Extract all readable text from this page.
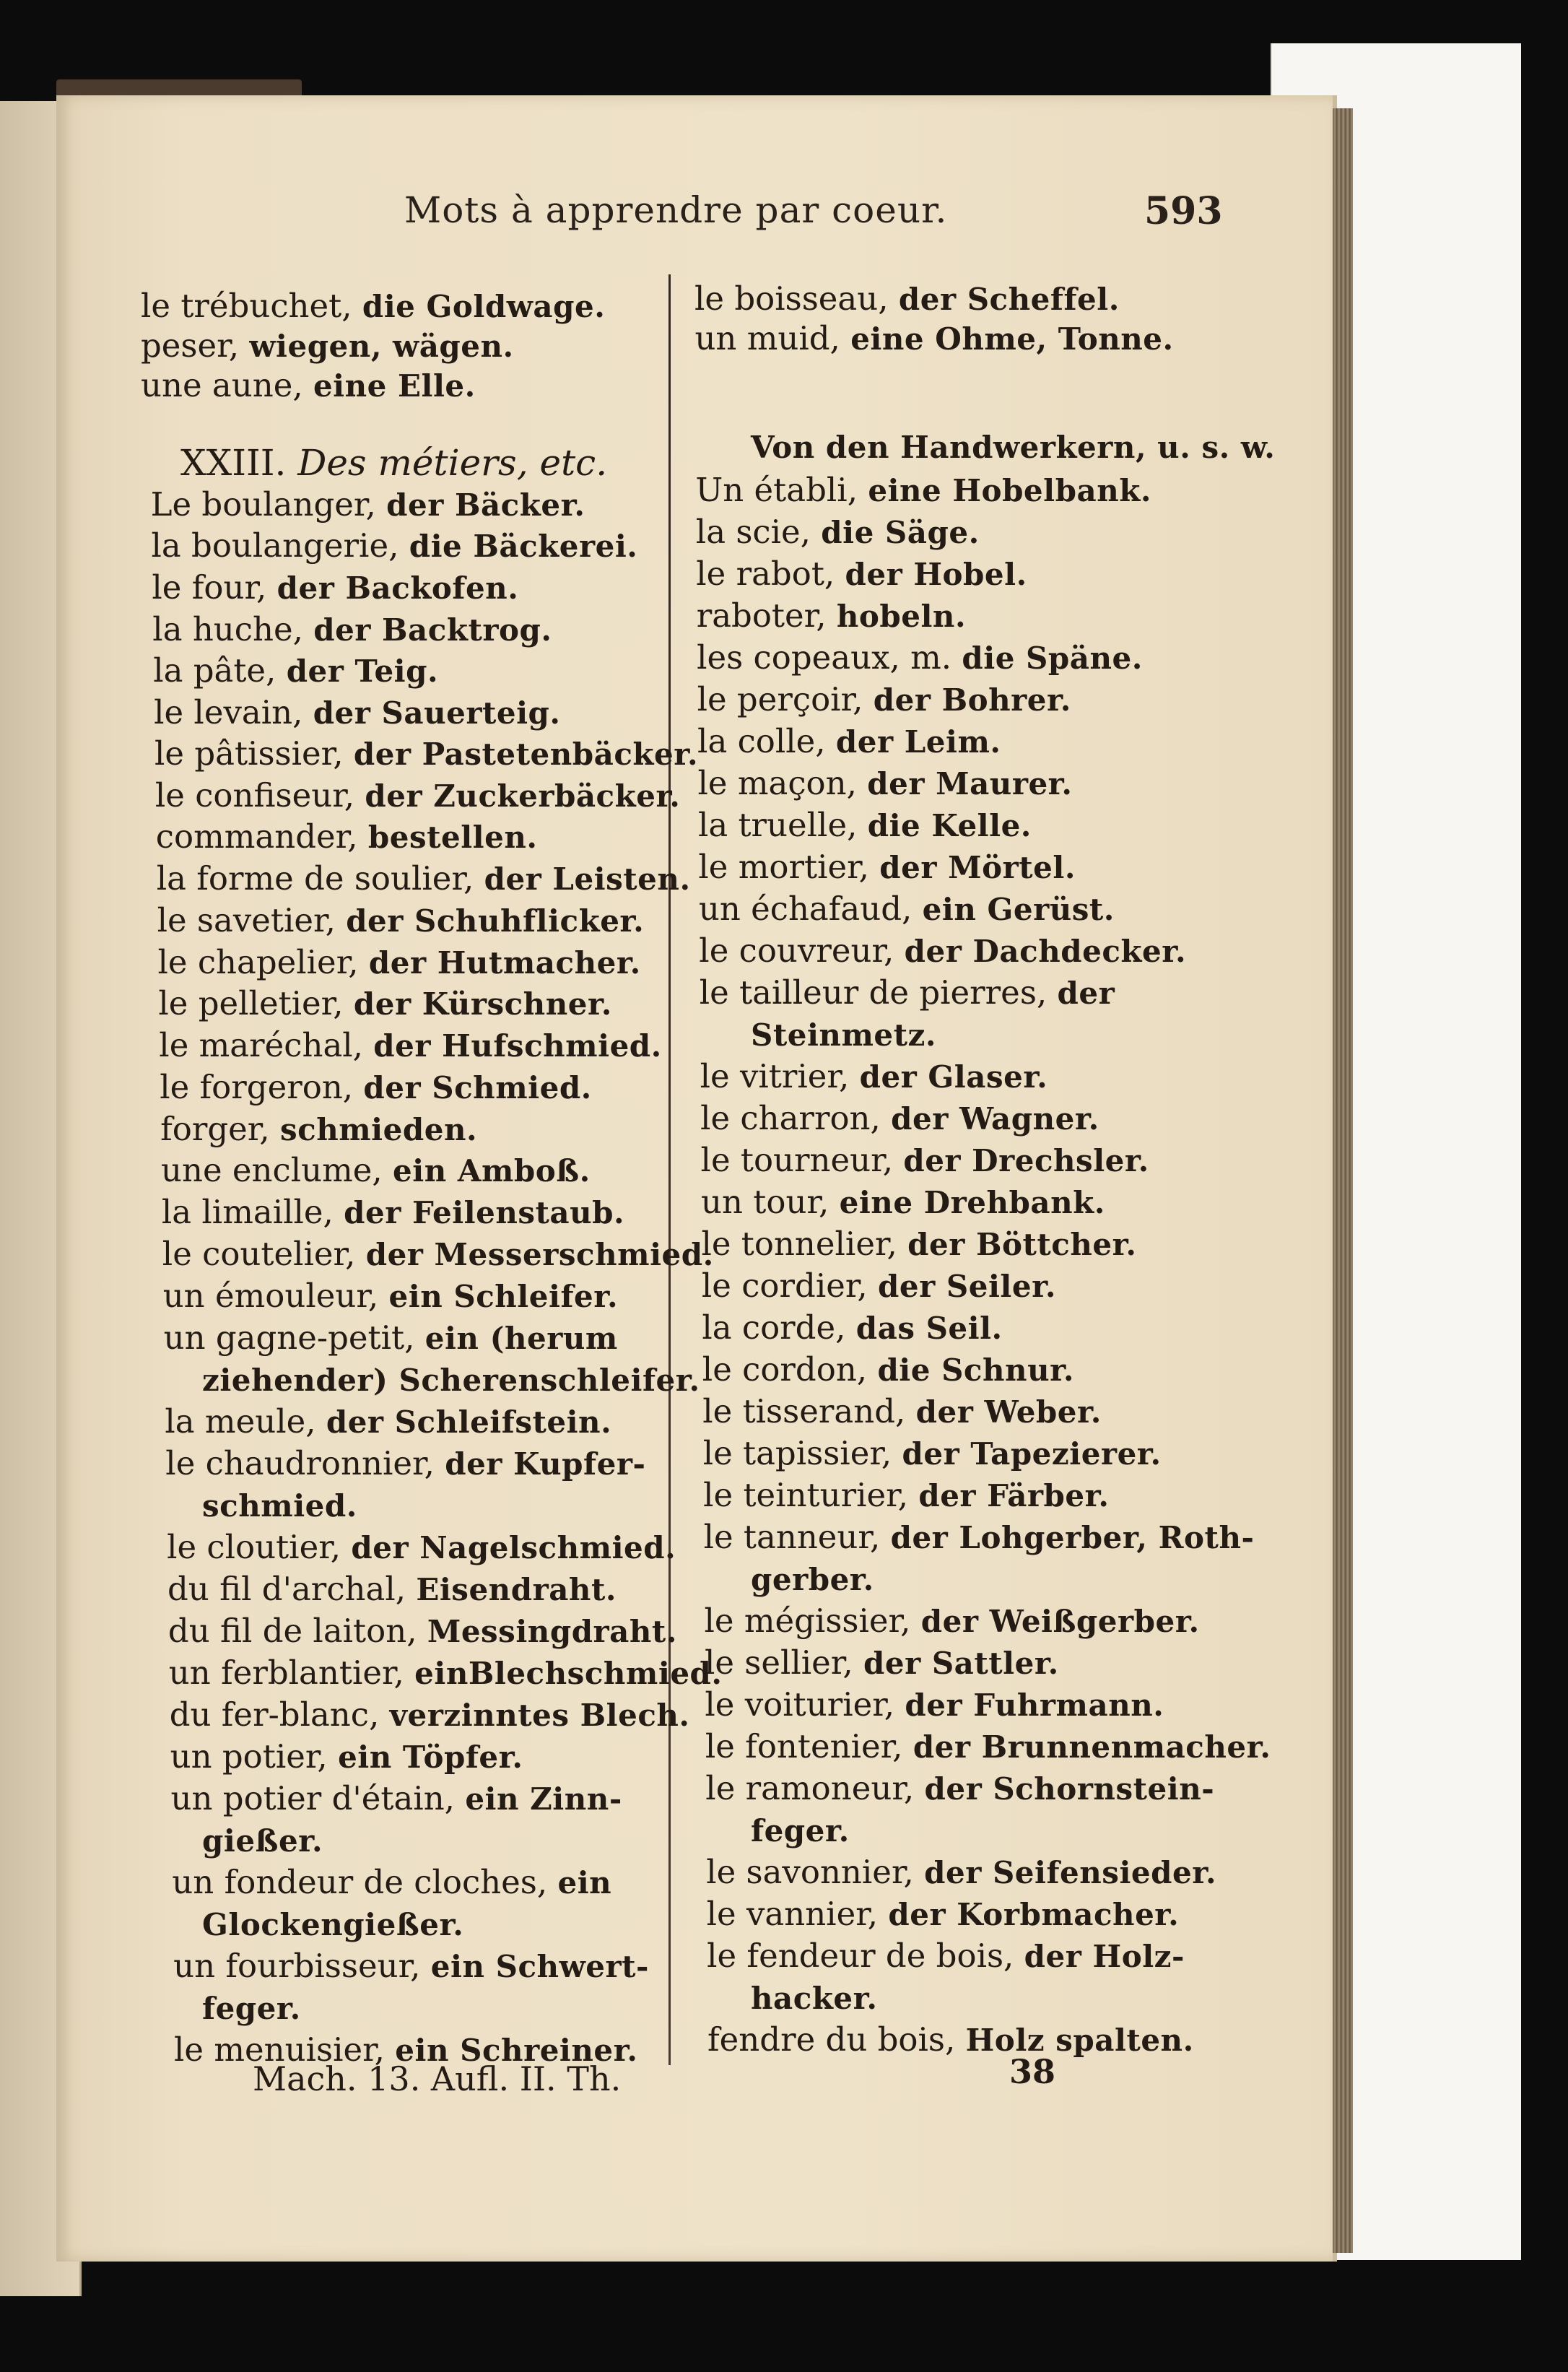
Mots à apprendre par coeur.	593
le trébuchet, die Goldwage.
peser, wiegen, wägen.
une aune, eine Elle.
XXIII. Des métiers, etc.
Le boulanger, der Bäcker.
la boulangerie, die Bäckerei.
le four, der Backofen.
la huche, der Backtrog.
la pâte, der Teig.
le levain, der Sauerteig.
le pâtissier, der Pastetenbäcker.
le confiseur, der Zuckerbäcker.
commander, bestellen.
la forme de soulier, der Leisten.
le savetier, der Schuhflicker.
le chapelier, der Hutmacher.
le pelletier, der Kürschner.
le maréchal, der Hufschmied.
le forgeron, der Schmied.
forger, schmieden.
une enclume, ein Amboß.
la limaille, der Feilenstaub.
le coutelier, der Messerschmied.
un émouleur, ein Schleifer.
un gagne-petit, ein (herum
ziehender) Scherenschleifer.
la meule, der Schleifstein.
le chaudronnier, der Kupfer-
schmied.
le cloutier, der Nagelschmied.
du fil d'archal, Eisendraht.
du fil de laiton, Messingdraht.
un ferblantier, einBlechschmied.
du fer-blanc, verzinntes Blech.
un potier, ein Töpfer.
un potier d'étain, ein Zinn-
gießer.
un fondeur de cloches, ein
Glockengießer.
un fourbisseur, ein Schwert-
feger.
le menuisier, ein Schreiner.
le boisseau, der Scheffel.
un muid, eine Ohme, Tonne.
Von den Handwerkern, u. s. w.
Un établi, eine Hobelbank.
la scie, die Säge.
le rabot, der Hobel.
raboter, hobeln.
les copeaux, m. die Späne.
le perçoir, der Bohrer.
la colle, der Leim.
le maçon, der Maurer.
la truelle, die Kelle.
le mortier, der Mörtel.
un échafaud, ein Gerüst.
le couvreur, der Dachdecker.
le tailleur de pierres, der
Steinmetz.
le vitrier, der Glaser.
le charron, der Wagner.
le tourneur, der Drechsler.
un tour, eine Drehbank.
le tonnelier, der Böttcher.
le cordier, der Seiler.
la corde, das Seil.
le cordon, die Schnur.
le tisserand, der Weber.
le tapissier, der Tapezierer.
le teinturier, der Färber.
le tanneur, der Lohgerber, Roth-
gerber.
le mégissier, der Weißgerber.
le sellier, der Sattler.
le voiturier, der Fuhrmann.
le fontenier, der Brunnenmacher.
le ramoneur, der Schornstein-
feger.
le savonnier, der Seifensieder.
le vannier, der Korbmacher.
le fendeur de bois, der Holz-
hacker.
fendre du bois, Holz spalten.
Mach. 13. Aufl. II. Th.	38
